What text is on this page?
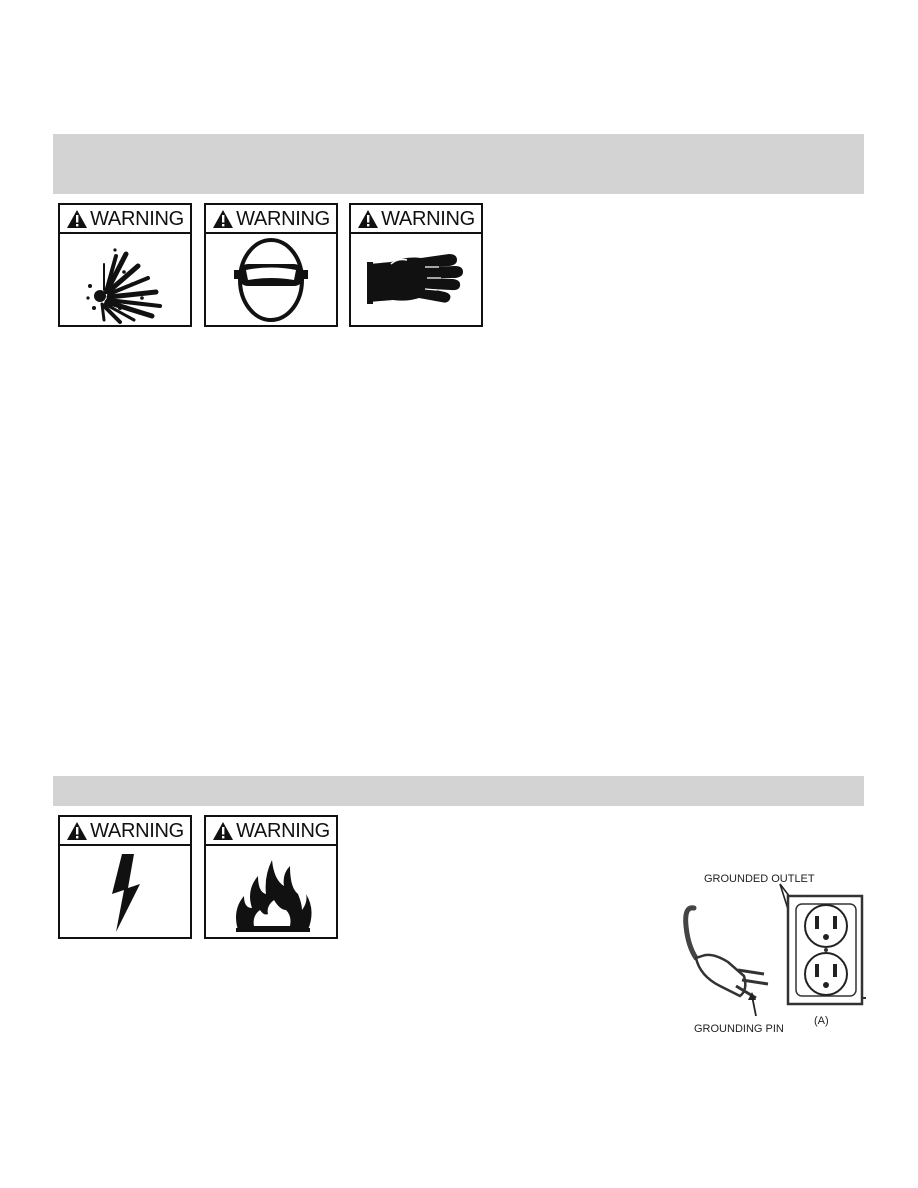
WARNING	WARNING	WARNING
WARNING	WARNING
GROUNDED OUTLET
GROUNDING PIN
(A)
